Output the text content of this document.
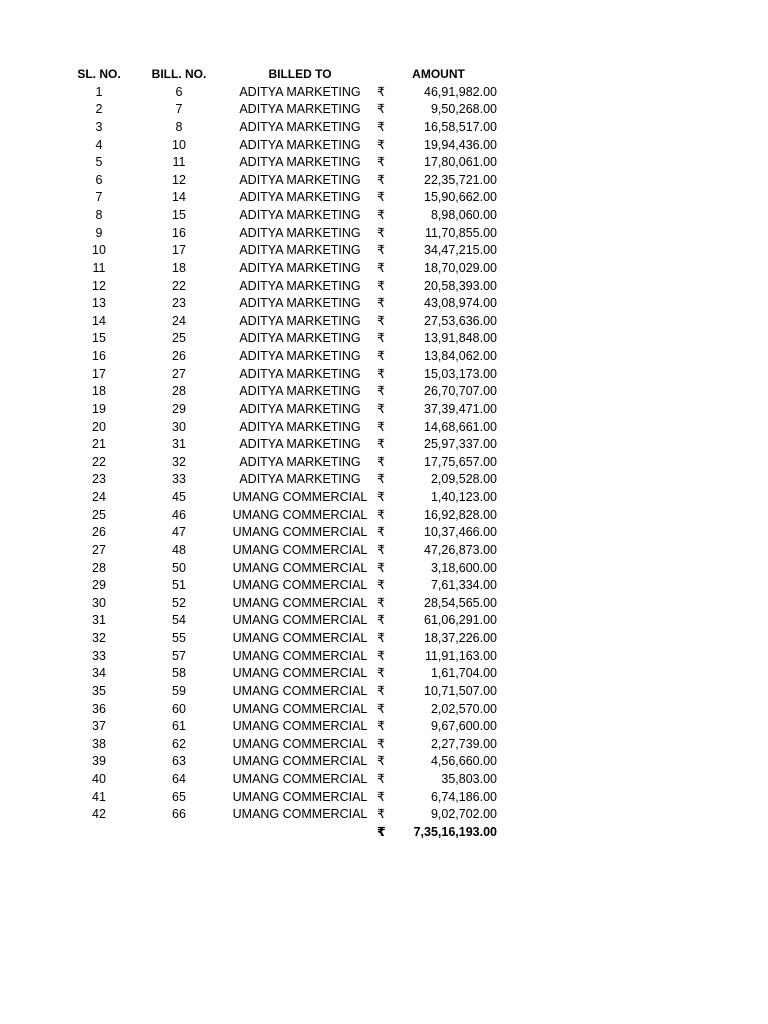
SL. NO.	BILL. NO.	BILLED TO	AMOUNT
1	6	ADITYA MARKETING	₹	46,91,982.00
2	7	ADITYA MARKETING	₹	9,50,268.00
3	8	ADITYA MARKETING	₹	16,58,517.00
4	10	ADITYA MARKETING	₹	19,94,436.00
5	11	ADITYA MARKETING	₹	17,80,061.00
6	12	ADITYA MARKETING	₹	22,35,721.00
7	14	ADITYA MARKETING	₹	15,90,662.00
8	15	ADITYA MARKETING	₹	8,98,060.00
9	16	ADITYA MARKETING	₹	11,70,855.00
10	17	ADITYA MARKETING	₹	34,47,215.00
11	18	ADITYA MARKETING	₹	18,70,029.00
12	22	ADITYA MARKETING	₹	20,58,393.00
13	23	ADITYA MARKETING	₹	43,08,974.00
14	24	ADITYA MARKETING	₹	27,53,636.00
15	25	ADITYA MARKETING	₹	13,91,848.00
16	26	ADITYA MARKETING	₹	13,84,062.00
17	27	ADITYA MARKETING	₹	15,03,173.00
18	28	ADITYA MARKETING	₹	26,70,707.00
19	29	ADITYA MARKETING	₹	37,39,471.00
20	30	ADITYA MARKETING	₹	14,68,661.00
21	31	ADITYA MARKETING	₹	25,97,337.00
22	32	ADITYA MARKETING	₹	17,75,657.00
23	33	ADITYA MARKETING	₹	2,09,528.00
24	45	UMANG COMMERCIAL ₹	1,40,123.00
25	46	UMANG COMMERCIAL ₹	16,92,828.00
26	47	UMANG COMMERCIAL ₹	10,37,466.00
27	48	UMANG COMMERCIAL ₹	47,26,873.00
28	50	UMANG COMMERCIAL ₹	3,18,600.00
29	51	UMANG COMMERCIAL ₹	7,61,334.00
30	52	UMANG COMMERCIAL ₹	28,54,565.00
31	54	UMANG COMMERCIAL ₹	61,06,291.00
32	55	UMANG COMMERCIAL ₹	18,37,226.00
33	57	UMANG COMMERCIAL ₹	11,91,163.00
34	58	UMANG COMMERCIAL ₹	1,61,704.00
35	59	UMANG COMMERCIAL ₹	10,71,507.00
36	60	UMANG COMMERCIAL ₹	2,02,570.00
37	61	UMANG COMMERCIAL ₹	9,67,600.00
38	62	UMANG COMMERCIAL ₹	2,27,739.00
39	63	UMANG COMMERCIAL ₹	4,56,660.00
40	64	UMANG COMMERCIAL ₹	35,803.00
41	65	UMANG COMMERCIAL ₹	6,74,186.00
42	66	UMANG COMMERCIAL ₹	9,02,702.00
₹	7,35,16,193.00
